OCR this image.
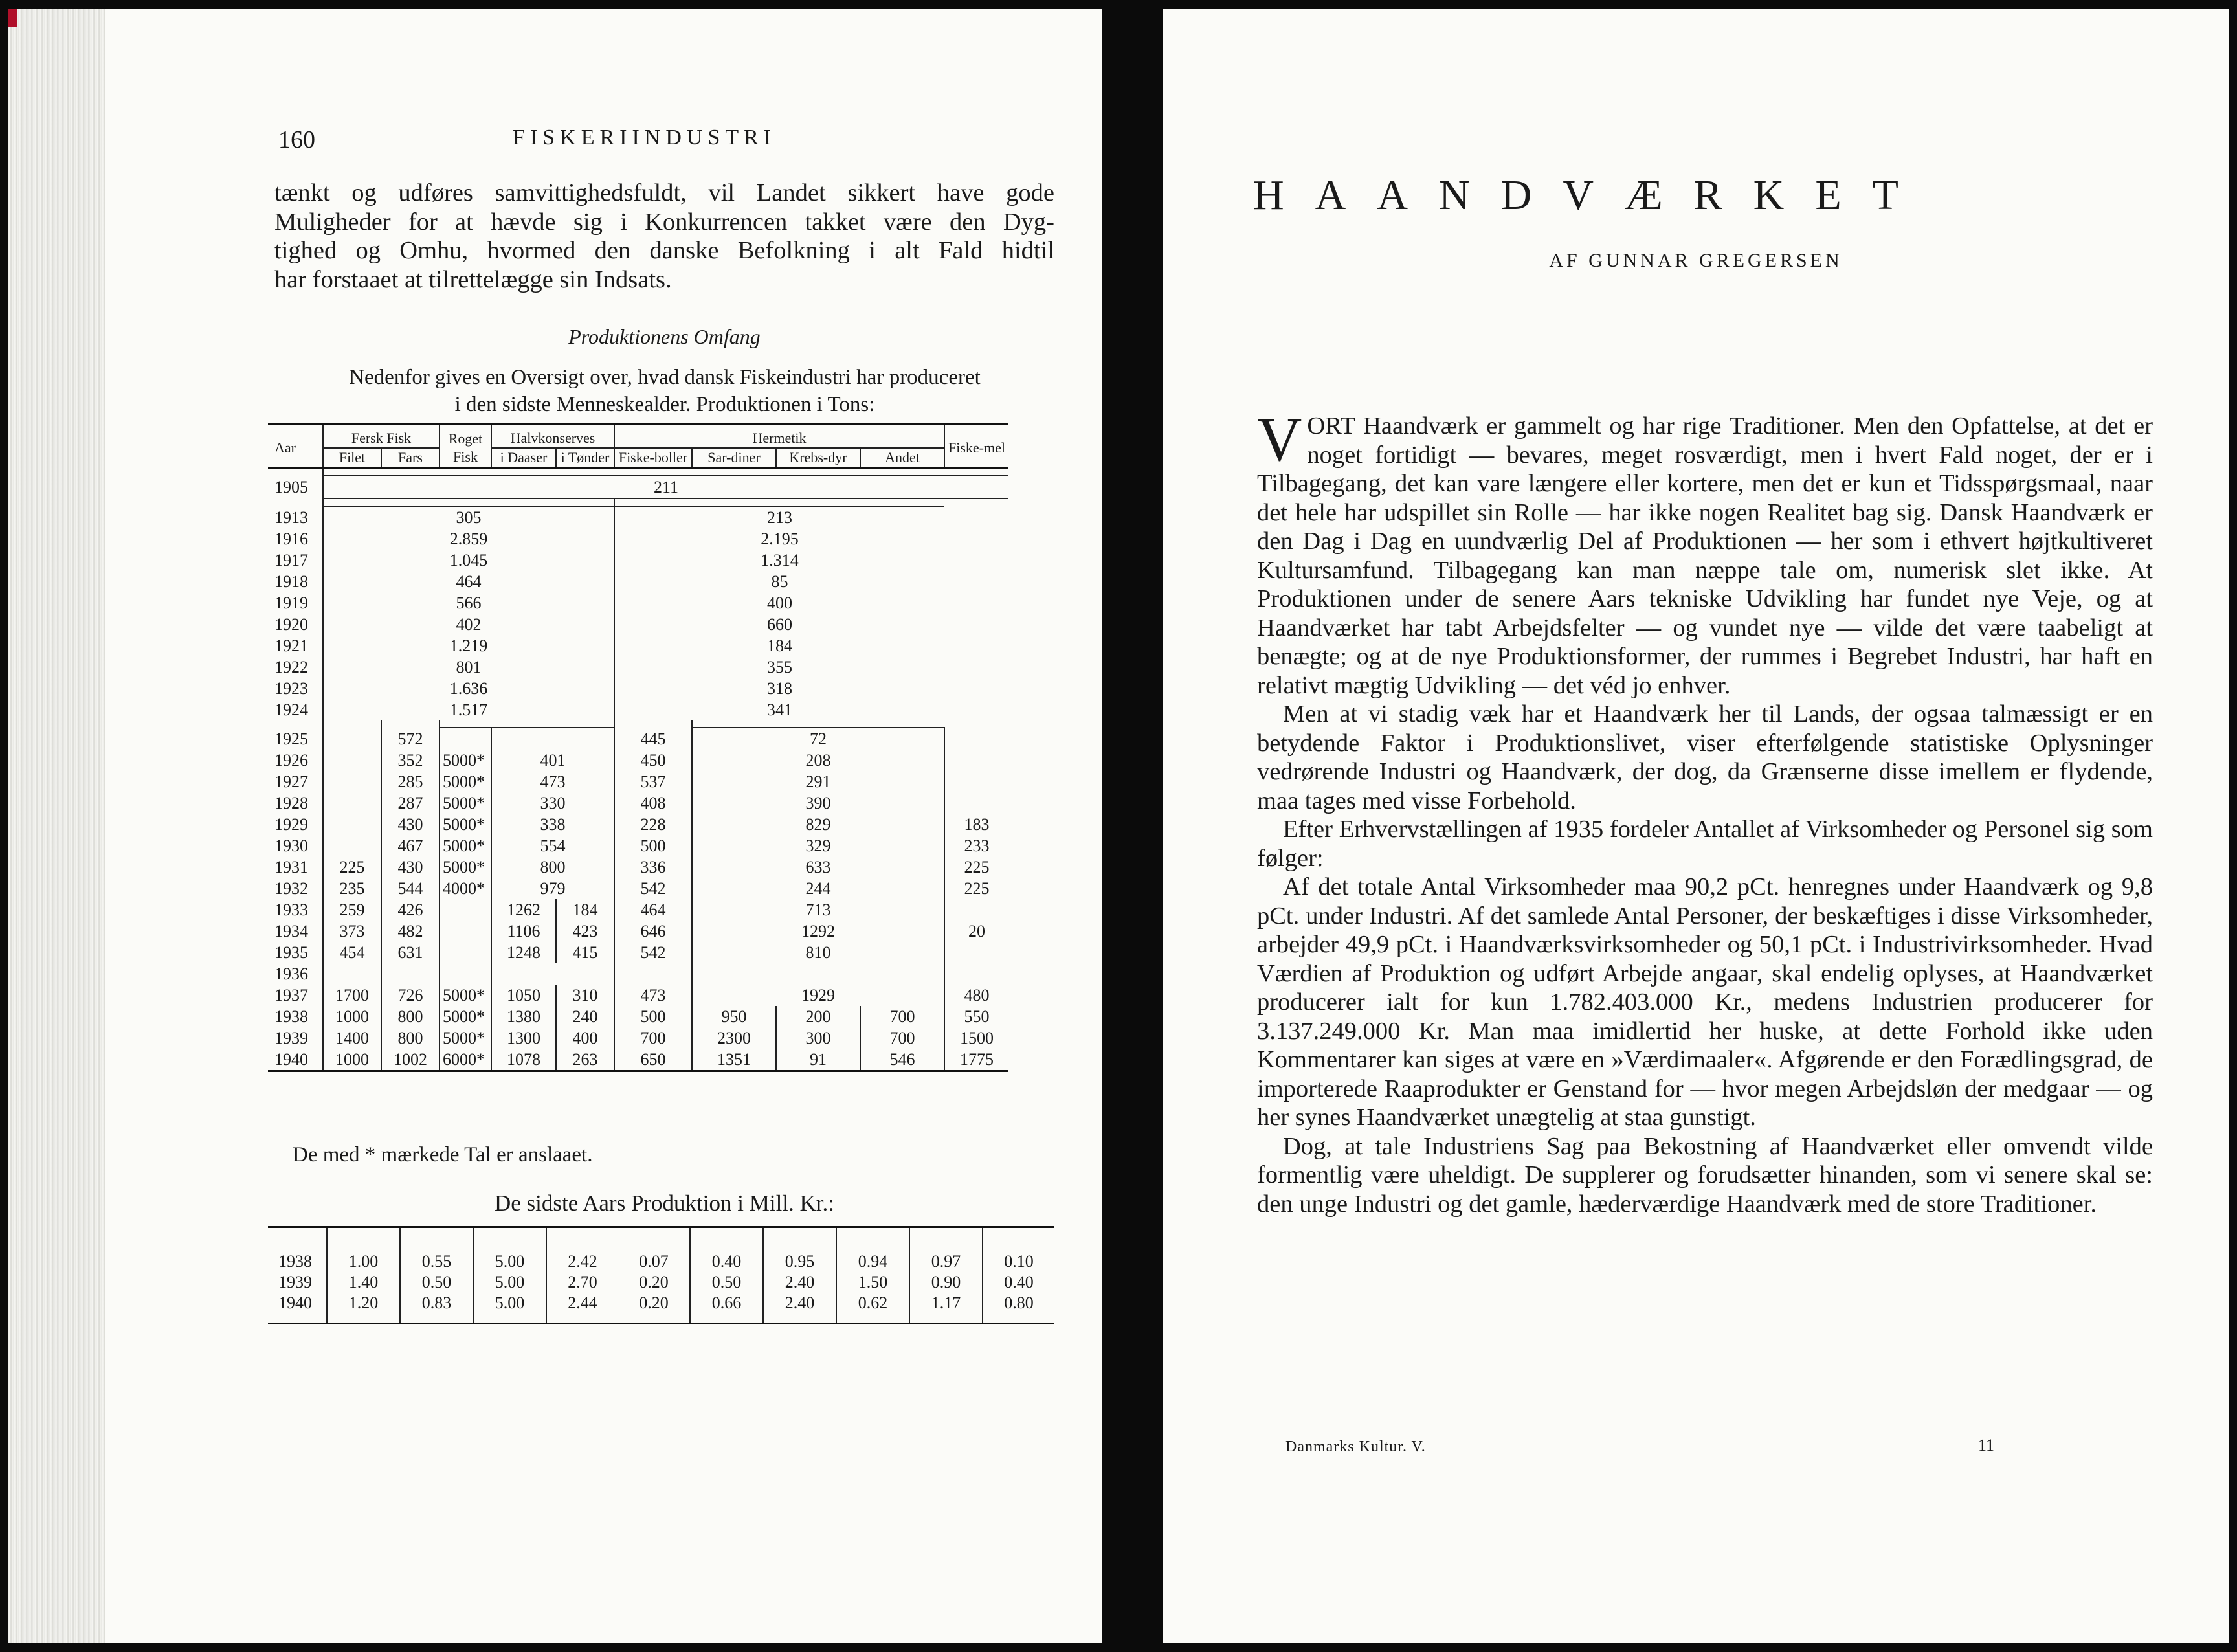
160	FISKERIINDUSTRI
tænkt og udføres samvittighedsfuldt, vil Landet sikkert have gode
Muligheder for at hævde sig i Konkurrencen takket være den Dyg-
tighed og Omhu, hvormed den danske Befolkning i alt Fald hidtil
har forstaaet at tilrettelægge sin Indsats.
Produktionens Omfang
Nedenfor gives en Oversigt over, hvad dansk Fiskeindustri har produceret
i den sidste Menneskealder. Produktionen i Tons:
Aar	Fersk Fisk		Roget Fisk	Halvkonserves		Hermetik				Fiske-mel	
	Filet	Fars		i Daaser	i Tønder	Fiske-boller	Sar-diner	Krebs-dyr	Andet		

1905	211										

1913	305					213					
1916	2.859					2.195					
1917	1.045					1.314					
1918	464					85					
1919	566					400					
1920	402					660					
1921	1.219					184					
1922	801					355					
1923	1.636					318					
1924	1.517					341					

1925		572				445	72				
1926		352	5000*	401		450	208				
1927		285	5000*	473		537	291				
1928		287	5000*	330		408	390				
1929		430	5000*	338		228	829			183	
1930		467	5000*	554		500	329			233	
1931	225	430	5000*	800		336	633			225	
1932	235	544	4000*	979		542	244			225	
1933	259	426		1262	184	464	713				
1934	373	482		1106	423	646	1292			20	
1935	454	631		1248	415	542	810				
1936											
1937	1700	726	5000*	1050	310	473	1929			480	
1938	1000	800	5000*	1380	240	500	950	200	700	550	
1939	1400	800	5000*	1300	400	700	2300	300	700	1500	
1940	1000	1002	6000*	1078	263	650	1351	91	546	1775	
De med * mærkede Tal er anslaaet.
De sidste Aars Produktion i Mill. Kr.:
1938	1.00	0.55	5.00	2.42	0.07	0.40	0.95	0.94	0.97	0.10
1939	1.40	0.50	5.00	2.70	0.20	0.50	2.40	1.50	0.90	0.40
1940	1.20	0.83	5.00	2.44	0.20	0.66	2.40	0.62	1.17	0.80
HAANDVÆRKET
AF GUNNAR GREGERSEN

VORT Haandværk er gammelt og har rige Traditioner. Men den Opfattelse, at det er noget fortidigt — bevares, meget rosværdigt, men i hvert Fald noget, der er i Tilbagegang, det kan vare længere eller kortere, men det er kun et Tidsspørgsmaal, naar det hele har udspillet sin Rolle — har ikke nogen Realitet bag sig. Dansk Haandværk er den Dag i Dag en uundværlig Del af Produktionen — her som i ethvert højtkultiveret Kultursamfund. Tilbagegang kan man næppe tale om, numerisk slet ikke. At Produktionen under de senere Aars tekniske Udvikling har fundet nye Veje, og at Haandværket har tabt Arbejdsfelter — og vundet nye — vilde det være taabeligt at benægte; og at de nye Produktionsformer, der rummes i Begrebet Industri, har haft en relativt mægtig Udvikling — det véd jo enhver.

Men at vi stadig væk har et Haandværk her til Lands, der ogsaa talmæssigt er en betydende Faktor i Produktionslivet, viser efterfølgende statistiske Oplysninger vedrørende Industri og Haandværk, der dog, da Grænserne disse imellem er flydende, maa tages med visse Forbehold.

Efter Erhvervstællingen af 1935 fordeler Antallet af Virksomheder og Personel sig som følger:

Af det totale Antal Virksomheder maa 90,2 pCt. henregnes under Haandværk og 9,8 pCt. under Industri. Af det samlede Antal Personer, der beskæftiges i disse Virksomheder, arbejder 49,9 pCt. i Haandværksvirksomheder og 50,1 pCt. i Industrivirksomheder. Hvad Værdien af Produktion og udført Arbejde angaar, skal endelig oplyses, at Haandværket producerer ialt for kun 1.782.403.000 Kr., medens Industrien producerer for 3.137.249.000 Kr. Man maa imidlertid her huske, at dette Forhold ikke uden Kommentarer kan siges at være en »Værdimaaler«. Afgørende er den Forædlingsgrad, de importerede Raaprodukter er Genstand for — hvor megen Arbejdsløn der medgaar — og her synes Haandværket unægtelig at staa gunstigt.

Dog, at tale Industriens Sag paa Bekostning af Haandværket eller omvendt vilde formentlig være uheldigt. De supplerer og forudsætter hinanden, som vi senere skal se: den unge Industri og det gamle, hæderværdige Haandværk med de store Traditioner.

Danmarks Kultur. V.	11
